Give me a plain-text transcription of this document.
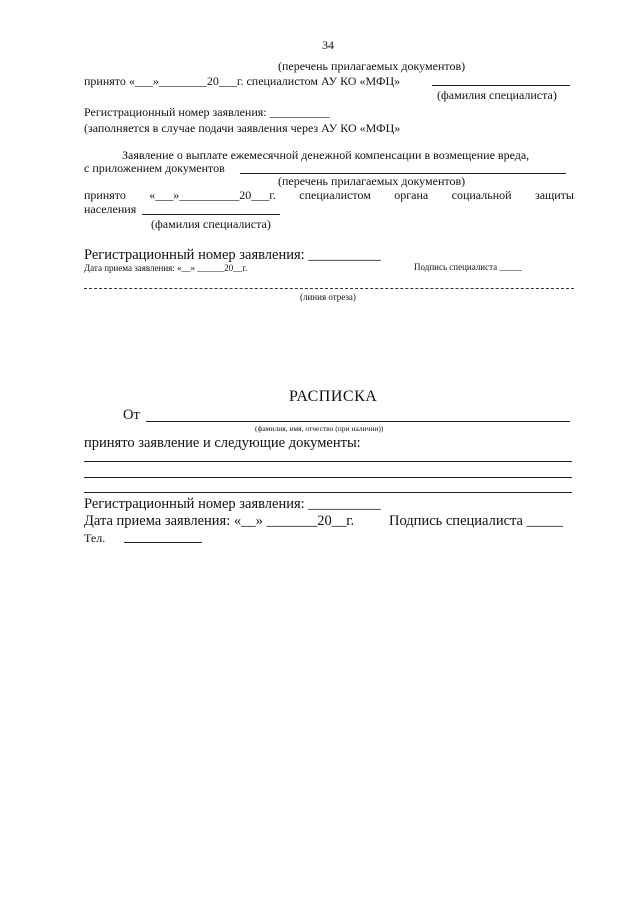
34
(перечень прилагаемых документов)
принято «___»________20___г. специалистом АУ КО «МФЦ»
(фамилия специалиста)
Регистрационный номер заявления: __________
(заполняется в случае подачи заявления через АУ КО «МФЦ»
Заявление о выплате ежемесячной денежной компенсации в возмещение вреда,
с приложением документов
(перечень прилагаемых документов)
принято «___»__________20___г. специалистом органа социальной защиты
населения
(фамилия специалиста)
Регистрационный номер заявления: __________
Дата приема заявления: «__» ______20__г.	Подпись специалиста _____
(линия отреза)
РАСПИСКА
От
(фамилия, имя, отчество (при наличии))
принято заявление и следующие документы:
Регистрационный номер заявления: __________
Дата приема заявления: «__» _______20__г. Подпись специалиста _____
Тел.
